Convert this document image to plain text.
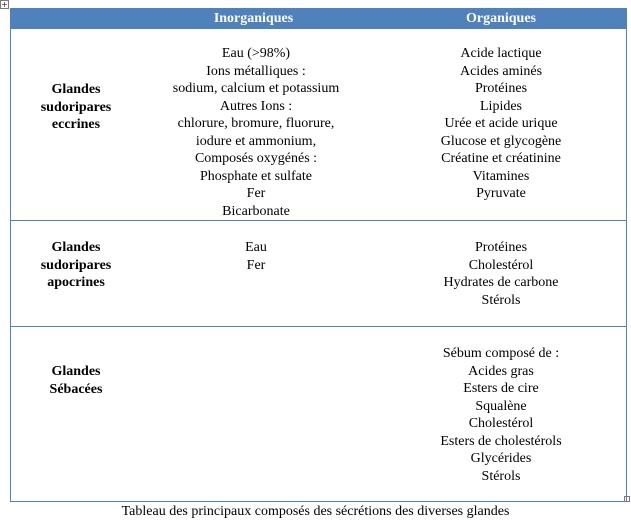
+
Inorganiques	Organiques
Glandes
sudoripares
eccrines
Eau (>98%)
Ions métalliques :
sodium, calcium et potassium
Autres Ions :
chlorure, bromure, fluorure,
iodure et ammonium,
Composés oxygénés :
Phosphate et sulfate
Fer
Bicarbonate
Acide lactique
Acides aminés
Protéines
Lipides
Urée et acide urique
Glucose et glycogène
Créatine et créatinine
Vitamines
Pyruvate
Glandes
sudoripares
apocrines
Eau
Fer
Protéines
Cholestérol
Hydrates de carbone
Stérols
Glandes
Sébacées
Sébum composé de :
Acides gras
Esters de cire
Squalène
Cholestérol
Esters de cholestérols
Glycérides
Stérols
Tableau des principaux composés des sécrétions des diverses glandes
